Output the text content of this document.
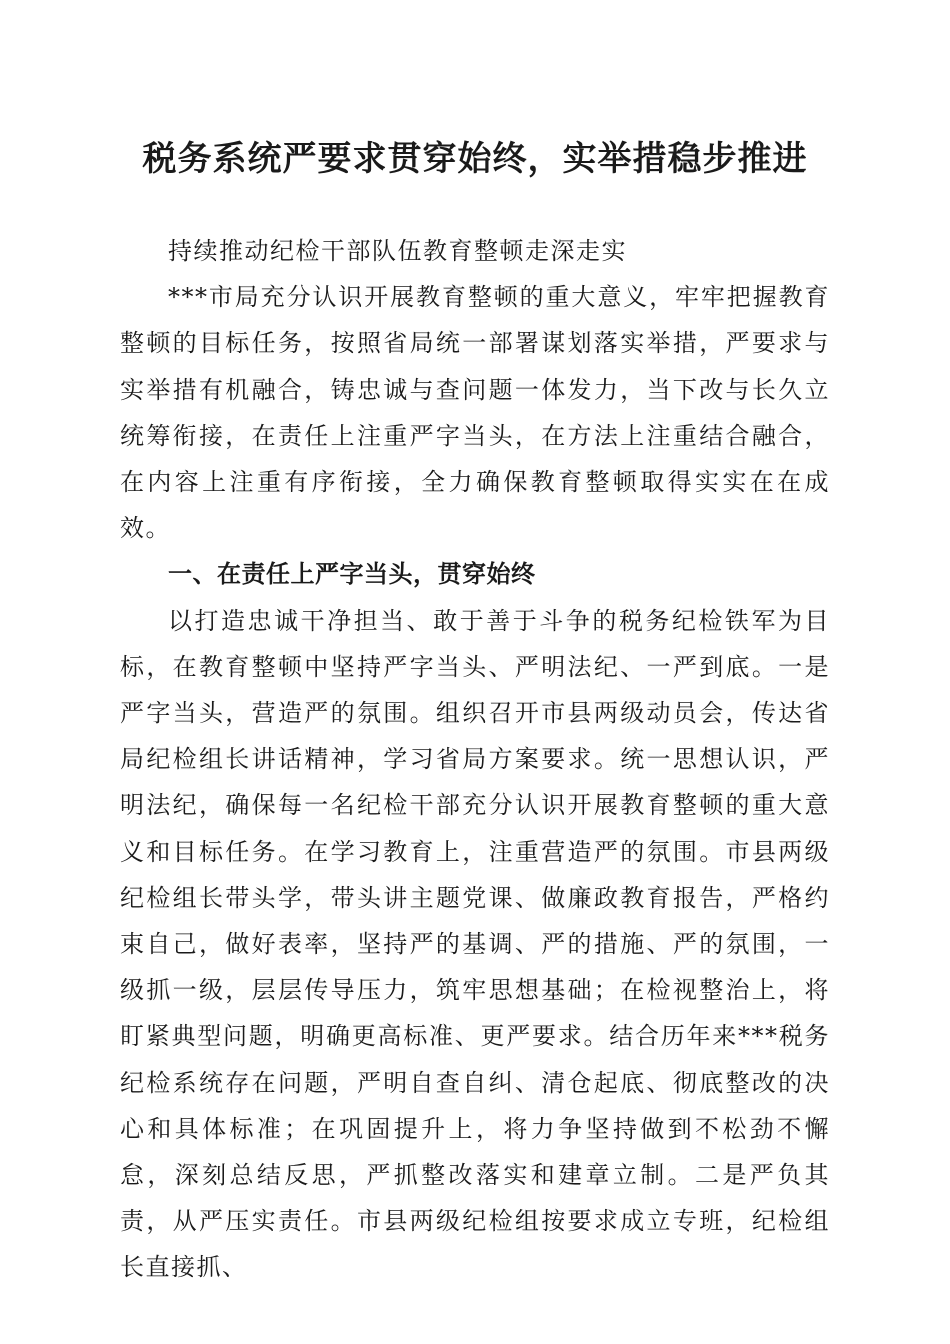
税务系统严要求贯穿始终，实举措稳步推进

持续推动纪检干部队伍教育整顿走深走实

***市局充分认识开展教育整顿的重大意义，牢牢把握教育整顿的目标任务，按照省局统一部署谋划落实举措，严要求与实举措有机融合，铸忠诚与查问题一体发力，当下改与长久立统筹衔接，在责任上注重严字当头，在方法上注重结合融合，在内容上注重有序衔接，全力确保教育整顿取得实实在在成效。

一、在责任上严字当头，贯穿始终

以打造忠诚干净担当、敢于善于斗争的税务纪检铁军为目标，在教育整顿中坚持严字当头、严明法纪、一严到底。一是严字当头，营造严的氛围。组织召开市县两级动员会，传达省局纪检组长讲话精神，学习省局方案要求。统一思想认识，严明法纪，确保每一名纪检干部充分认识开展教育整顿的重大意义和目标任务。在学习教育上，注重营造严的氛围。市县两级纪检组长带头学，带头讲主题党课、做廉政教育报告，严格约束自己，做好表率，坚持严的基调、严的措施、严的氛围，一级抓一级，层层传导压力，筑牢思想基础；在检视整治上，将盯紧典型问题，明确更高标准、更严要求。结合历年来***税务纪检系统存在问题，严明自查自纠、清仓起底、彻底整改的决心和具体标准；在巩固提升上，将力争坚持做到不松劲不懈怠，深刻总结反思，严抓整改落实和建章立制。二是严负其责，从严压实责任。市县两级纪检组按要求成立专班，纪检组长直接抓、
